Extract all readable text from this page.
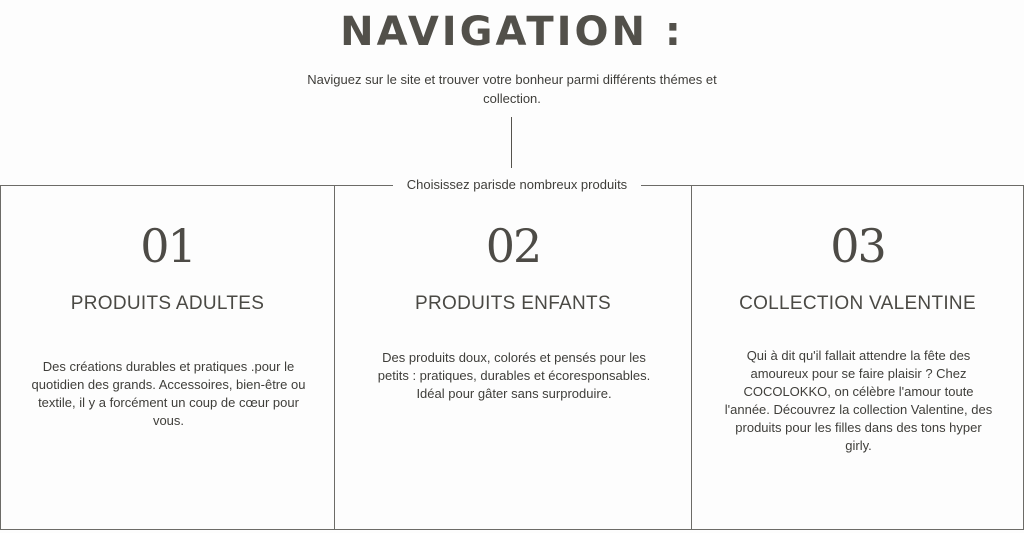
NAVIGATION :
Naviguez sur le site et trouver votre bonheur parmi différents thémes et collection.
Choisissez parisde nombreux produits
01
PRODUITS ADULTES
Des créations durables et pratiques .pour le quotidien des grands. Accessoires, bien-être ou textile, il y a forcément un coup de cœur pour vous.
02
PRODUITS ENFANTS
Des produits doux, colorés et pensés pour les petits : pratiques, durables et écoresponsables. Idéal pour gâter sans surproduire.
03
COLLECTION VALENTINE
Qui à dit qu'il fallait attendre la fête des amoureux pour se faire plaisir ? Chez COCOLOKKO, on célèbre l'amour toute l'année. Découvrez la collection Valentine, des produits pour les filles dans des tons hyper girly.
